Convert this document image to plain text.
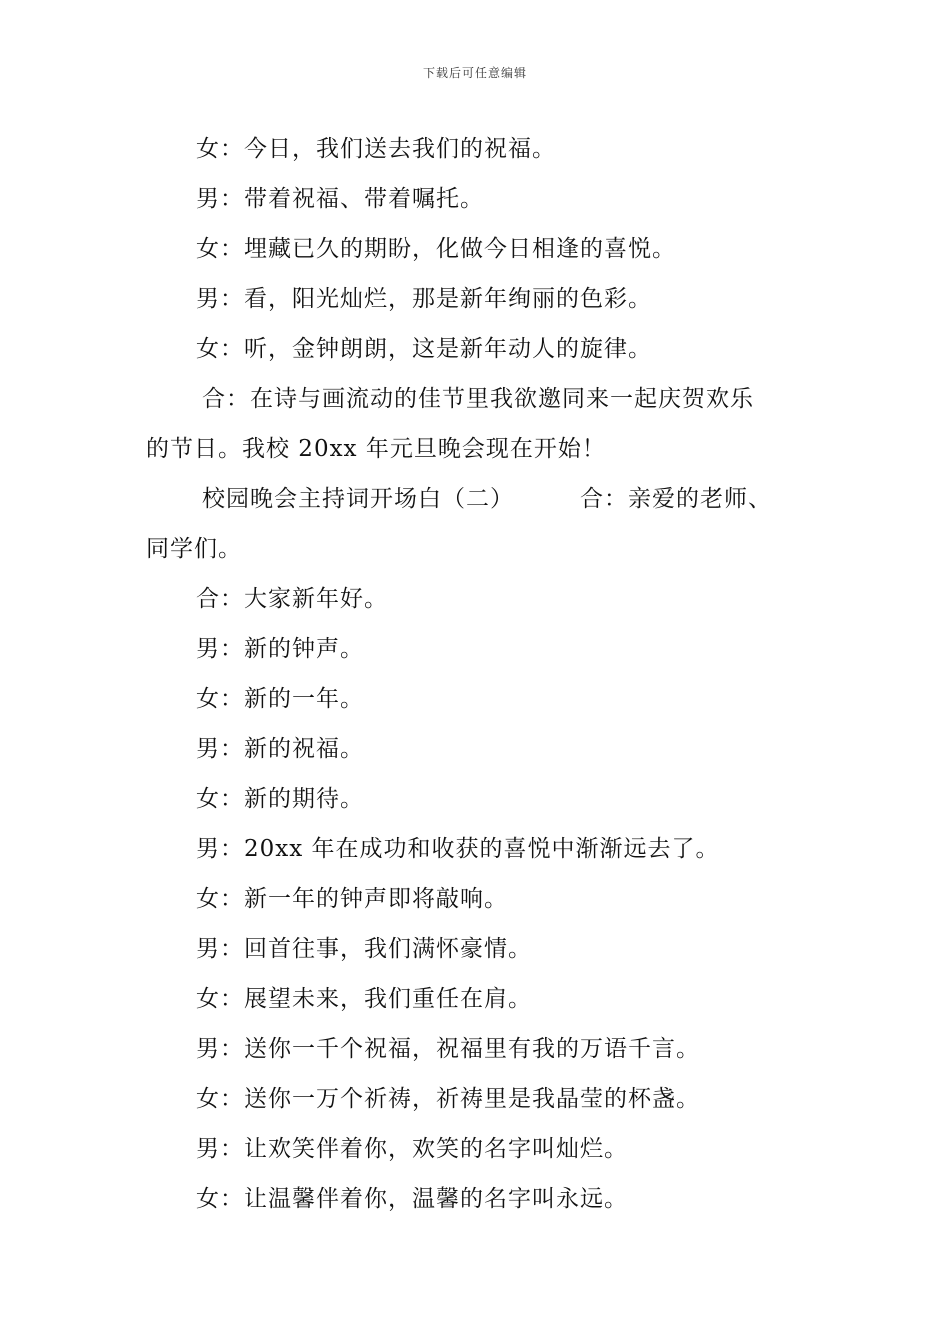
下载后可任意编辑
女：今日，我们送去我们的祝福。
男：带着祝福、带着嘱托。
女：埋藏已久的期盼，化做今日相逢的喜悦。
男：看，阳光灿烂，那是新年绚丽的色彩。
女：听，金钟朗朗，这是新年动人的旋律。
合：在诗与画流动的佳节里我欲邀同来一起庆贺欢乐
的节日。我校 20xx 年元旦晚会现在开始！
校园晚会主持词开场白（二）	合：亲爱的老师、
同学们。
合：大家新年好。
男：新的钟声。
女：新的一年。
男：新的祝福。
女：新的期待。
男：20xx 年在成功和收获的喜悦中渐渐远去了。
女：新一年的钟声即将敲响。
男：回首往事，我们满怀豪情。
女：展望未来，我们重任在肩。
男：送你一千个祝福，祝福里有我的万语千言。
女：送你一万个祈祷，祈祷里是我晶莹的杯盏。
男：让欢笑伴着你，欢笑的名字叫灿烂。
女：让温馨伴着你，温馨的名字叫永远。
